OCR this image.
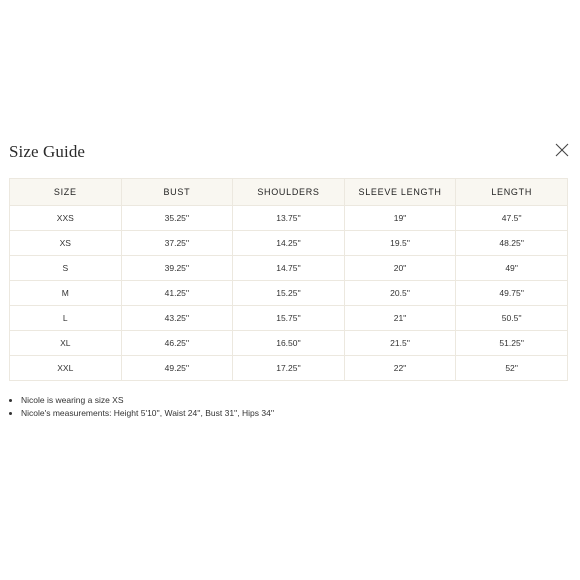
Size Guide
SIZE	BUST	SHOULDERS	SLEEVE LENGTH	LENGTH
XXS	35.25''	13.75''	19''	47.5''
XS	37.25''	14.25''	19.5''	48.25''
S	39.25''	14.75''	20''	49''
M	41.25''	15.25''	20.5''	49.75''
L	43.25''	15.75''	21''	50.5''
XL	46.25''	16.50''	21.5''	51.25''
XXL	49.25''	17.25''	22''	52''
• Nicole is wearing a size XS
• Nicole's measurements: Height 5'10'', Waist 24'', Bust 31'', Hips 34''
